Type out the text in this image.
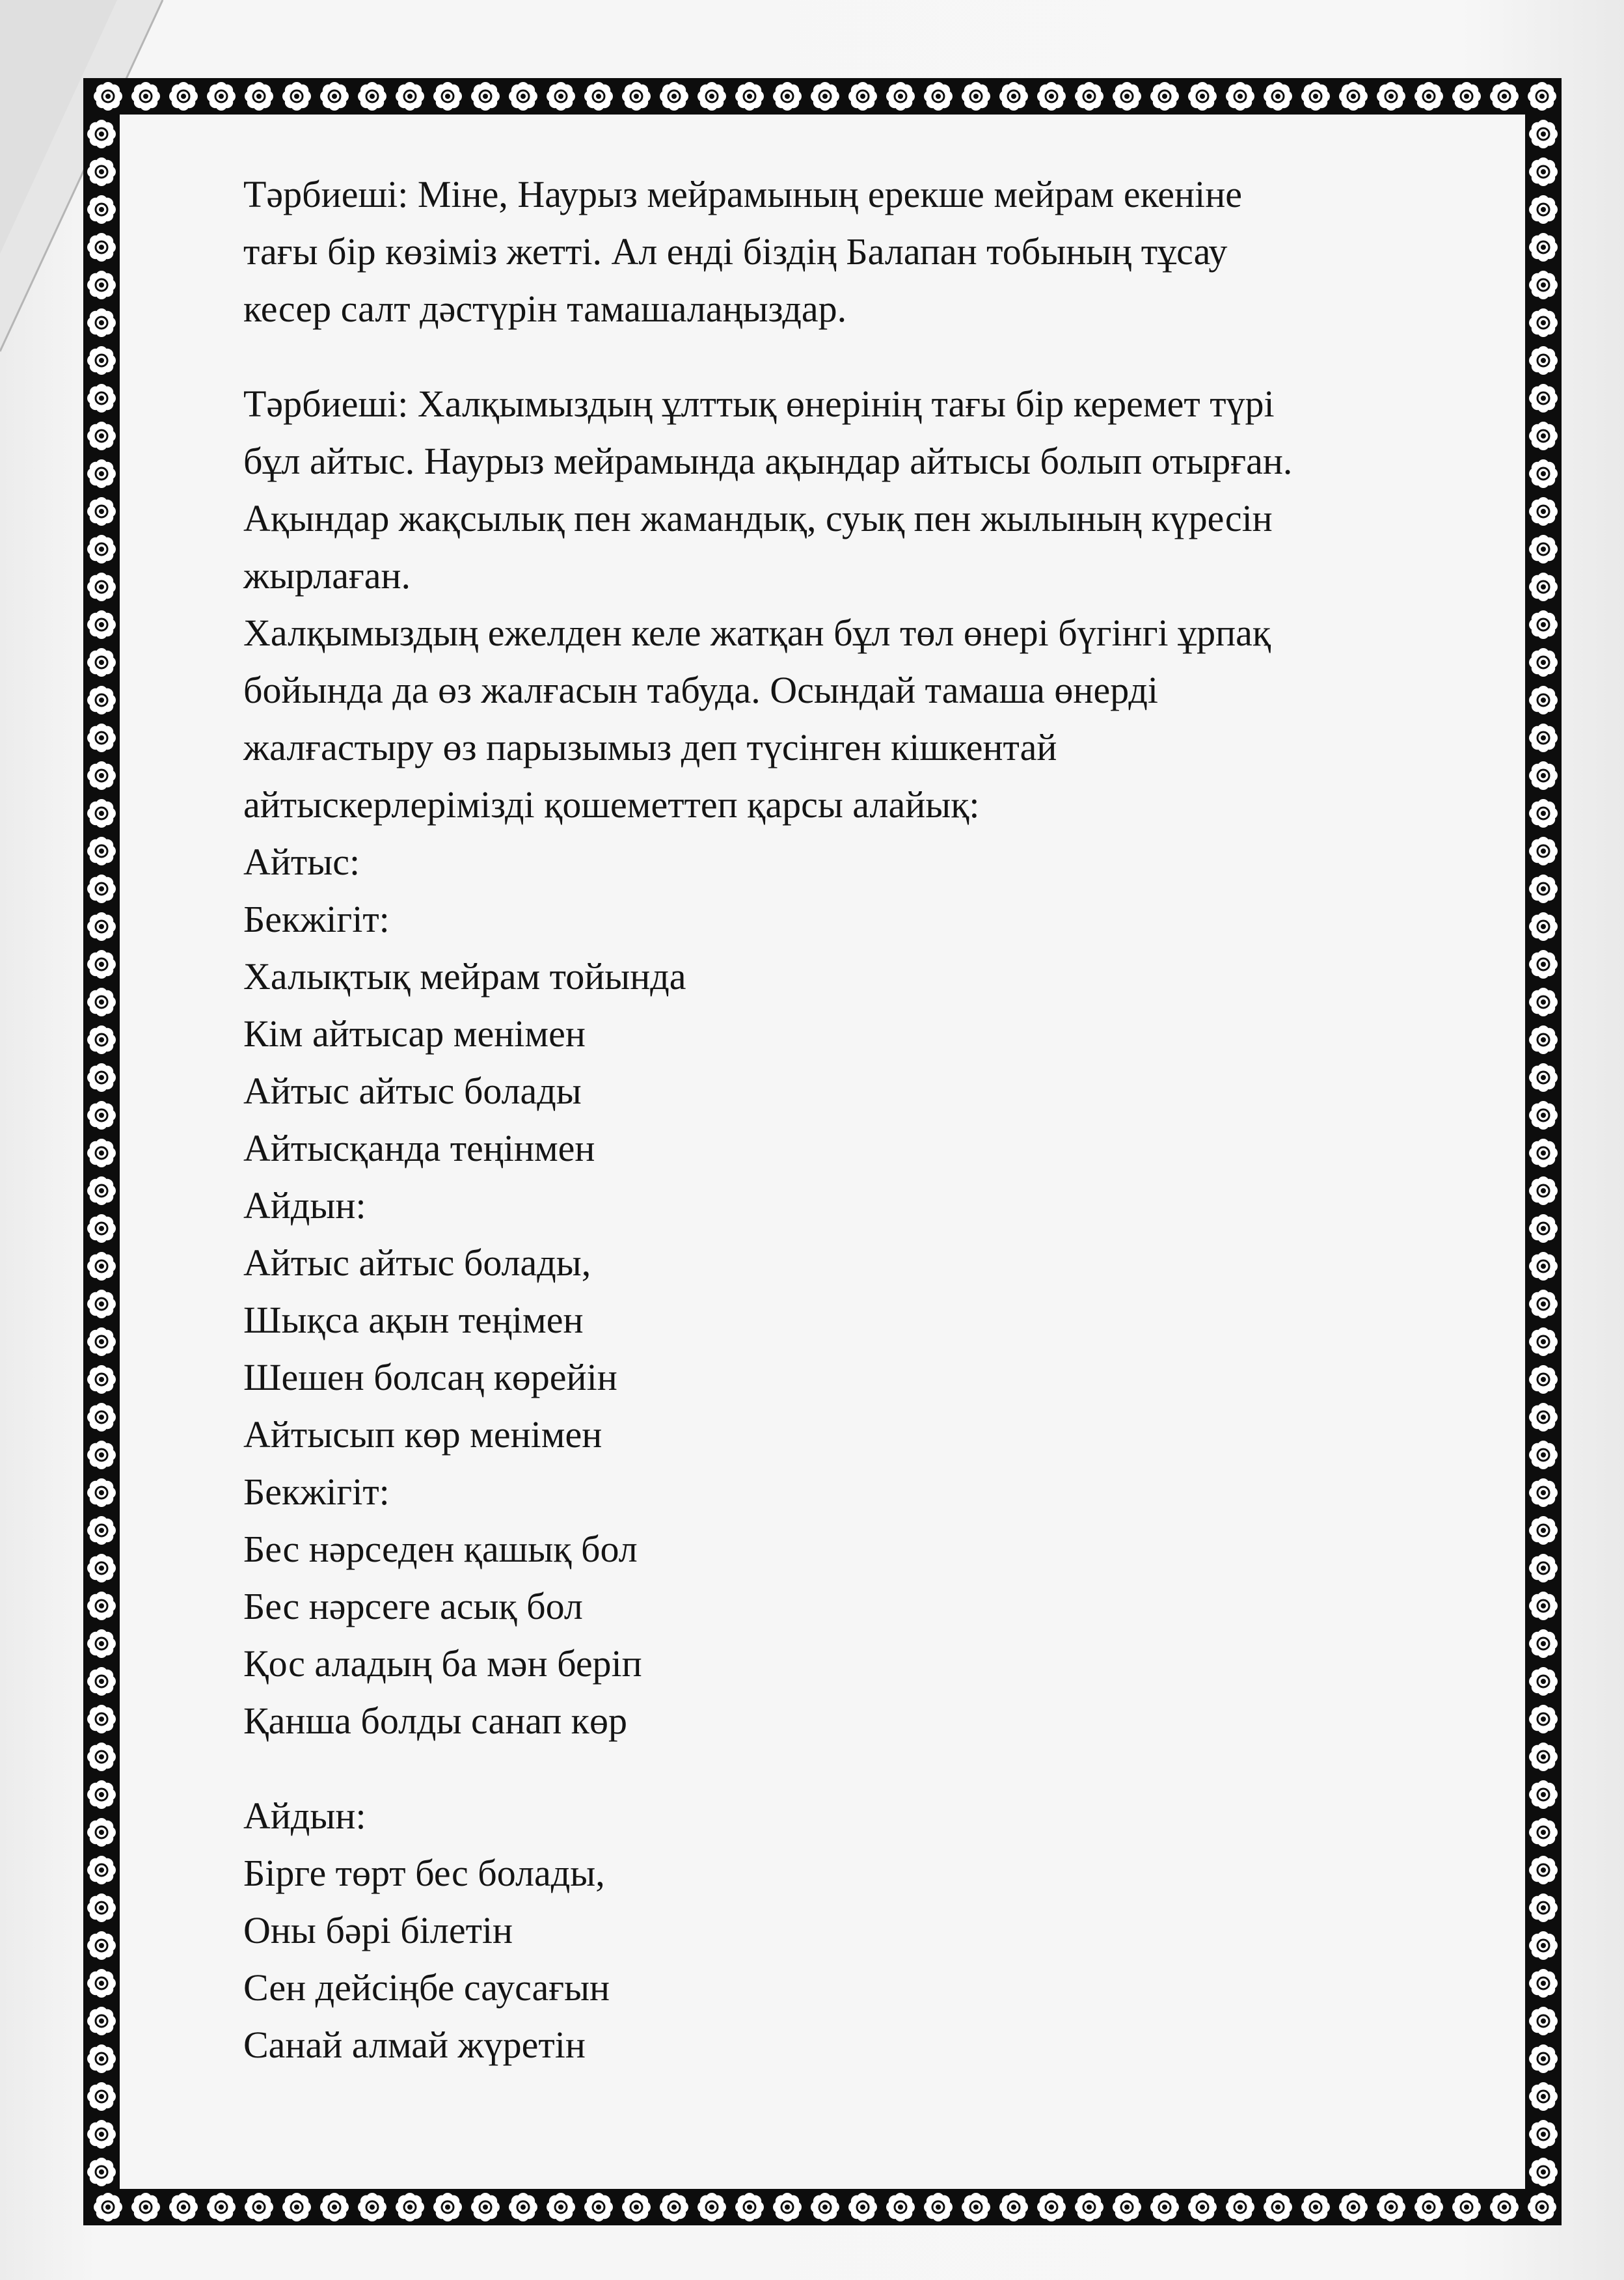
Тәрбиеші: Міне, Наурыз мейрамының ерекше мейрам екеніне

тағы бір көзіміз жетті. Ал енді біздің Балапан тобының тұсау

кесер салт дәстүрін тамашалаңыздар.

Тәрбиеші: Халқымыздың ұлттық өнерінің тағы бір керемет түрі

бұл айтыс. Наурыз мейрамында ақындар айтысы болып отырған.

Ақындар жақсылық пен жамандық, суық пен жылының күресін

жырлаған.

Халқымыздың ежелден келе жатқан бұл төл өнері бүгінгі ұрпақ

бойында да өз жалғасын табуда. Осындай тамаша өнерді

жалғастыру өз парызымыз деп түсінген кішкентай

айтыскерлерімізді қошеметтеп қарсы алайық:

Айтыс:

Бекжігіт:

Халықтық мейрам тойында

Кім айтысар менімен

Айтыс айтыс болады

Айтысқанда теңінмен

Айдын:

Айтыс айтыс болады,

Шықса ақын теңімен

Шешен болсаң көрейін

Айтысып көр менімен

Бекжігіт:

Бес нәрседен қашық бол

Бес нәрсеге асық бол

Қос аладың ба мән беріп

Қанша болды санап көр

Айдын:

Бірге төрт бес болады,

Оны бәрі білетін

Сен дейсіңбе саусағын

Санай алмай жүретін
